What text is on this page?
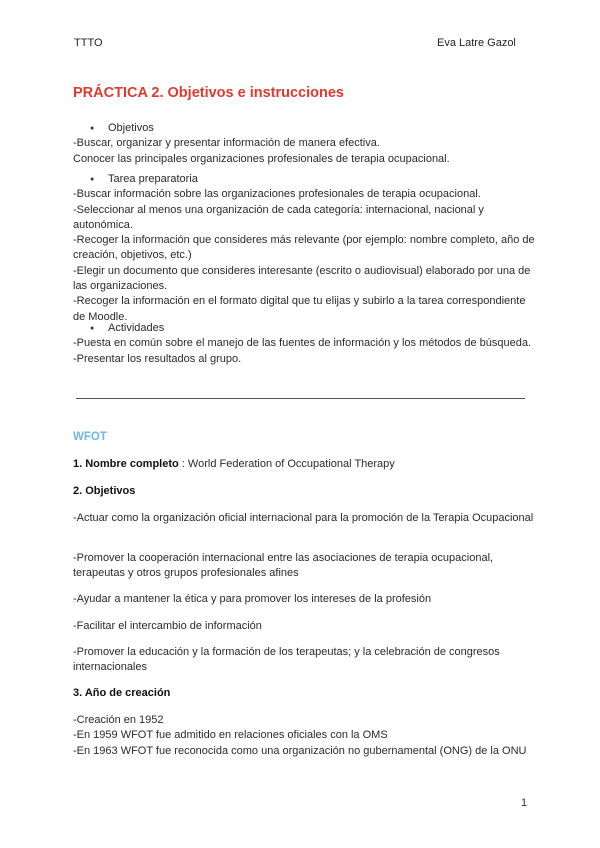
TTTO	Eva Latre Gazol
PRÁCTICA 2. Objetivos e instrucciones
● Objetivos
-Buscar, organizar y presentar información de manera efectiva.
Conocer las principales organizaciones profesionales de terapia ocupacional.
● Tarea preparatoria
-Buscar información sobre las organizaciones profesionales de terapia ocupacional.
-Seleccionar al menos una organización de cada categoría: internacional, nacional y autonómica.
-Recoger la información que consideres más relevante (por ejemplo: nombre completo, año de creación, objetivos, etc.)
-Elegir un documento que consideres interesante (escrito o audiovisual) elaborado por una de las organizaciones.
-Recoger la información en el formato digital que tu elijas y subirlo a la tarea correspondiente de Moodle.
● Actividades
-Puesta en común sobre el manejo de las fuentes de información y los métodos de búsqueda.
-Presentar los resultados al grupo.
WFOT
1. Nombre completo : World Federation of Occupational Therapy
2. Objetivos
-Actuar como la organización oficial internacional para la promoción de la Terapia Ocupacional
-Promover la cooperación internacional entre las asociaciones de terapia ocupacional, terapeutas y otros grupos profesionales afines
-Ayudar a mantener la ética y para promover los intereses de la profesión
-Facilitar el intercambio de información
-Promover la educación y la formación de los terapeutas; y la celebración de congresos internacionales
3. Año de creación
-Creación en 1952
-En 1959 WFOT fue admitido en relaciones oficiales con la OMS
-En 1963 WFOT fue reconocida como una organización no gubernamental (ONG) de la ONU
1
